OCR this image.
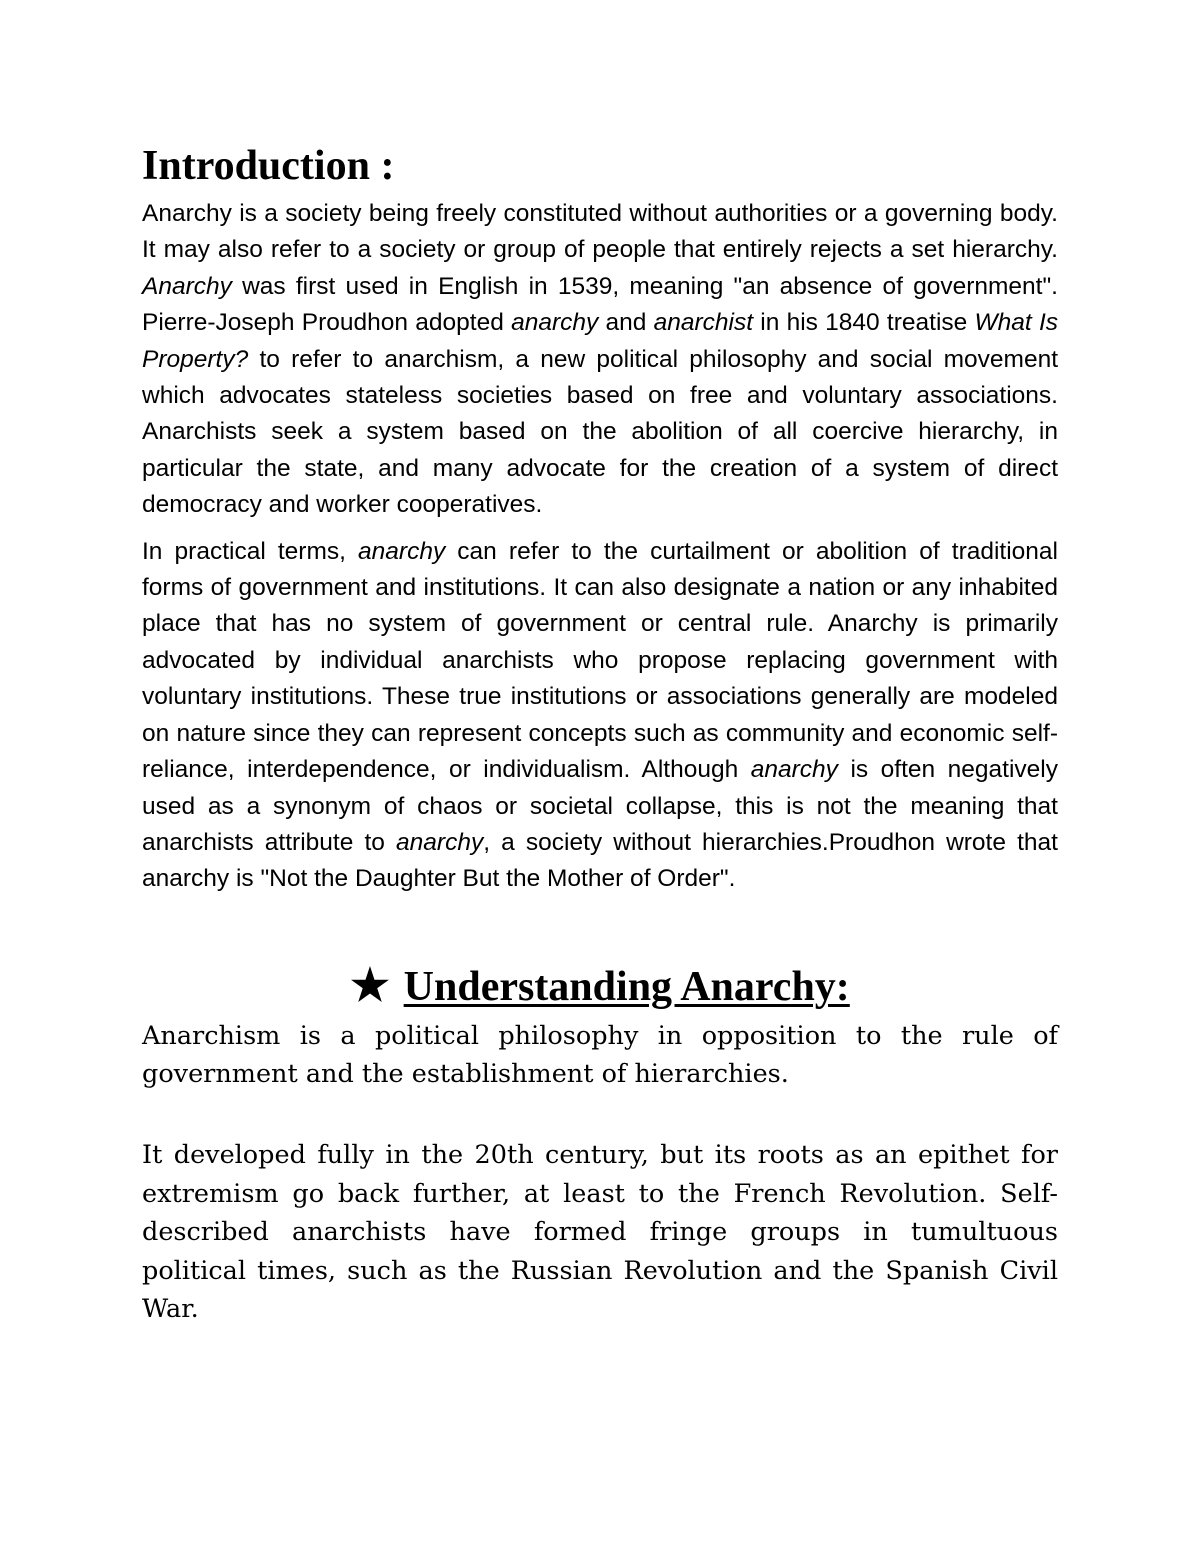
Introduction :

Anarchy is a society being freely constituted without authorities or a governing body. It may also refer to a society or group of people that entirely rejects a set hierarchy. Anarchy was first used in English in 1539, meaning "an absence of government". Pierre-Joseph Proudhon adopted anarchy and anarchist in his 1840 treatise What Is Property? to refer to anarchism, a new political philosophy and social movement which advocates stateless societies based on free and voluntary associations. Anarchists seek a system based on the abolition of all coercive hierarchy, in particular the state, and many advocate for the creation of a system of direct democracy and worker cooperatives.

In practical terms, anarchy can refer to the curtailment or abolition of traditional forms of government and institutions. It can also designate a nation or any inhabited place that has no system of government or central rule. Anarchy is primarily advocated by individual anarchists who propose replacing government with voluntary institutions. These true institutions or associations generally are modeled on nature since they can represent concepts such as community and economic self-reliance, interdependence, or individualism. Although anarchy is often negatively used as a synonym of chaos or societal collapse, this is not the meaning that anarchists attribute to anarchy, a society without hierarchies.Proudhon wrote that anarchy is "Not the Daughter But the Mother of Order".

★ Understanding Anarchy:

Anarchism is a political philosophy in opposition to the rule of government and the establishment of hierarchies.

It developed fully in the 20th century, but its roots as an epithet for extremism go back further, at least to the French Revolution. Self-described anarchists have formed fringe groups in tumultuous political times, such as the Russian Revolution and the Spanish Civil War.
